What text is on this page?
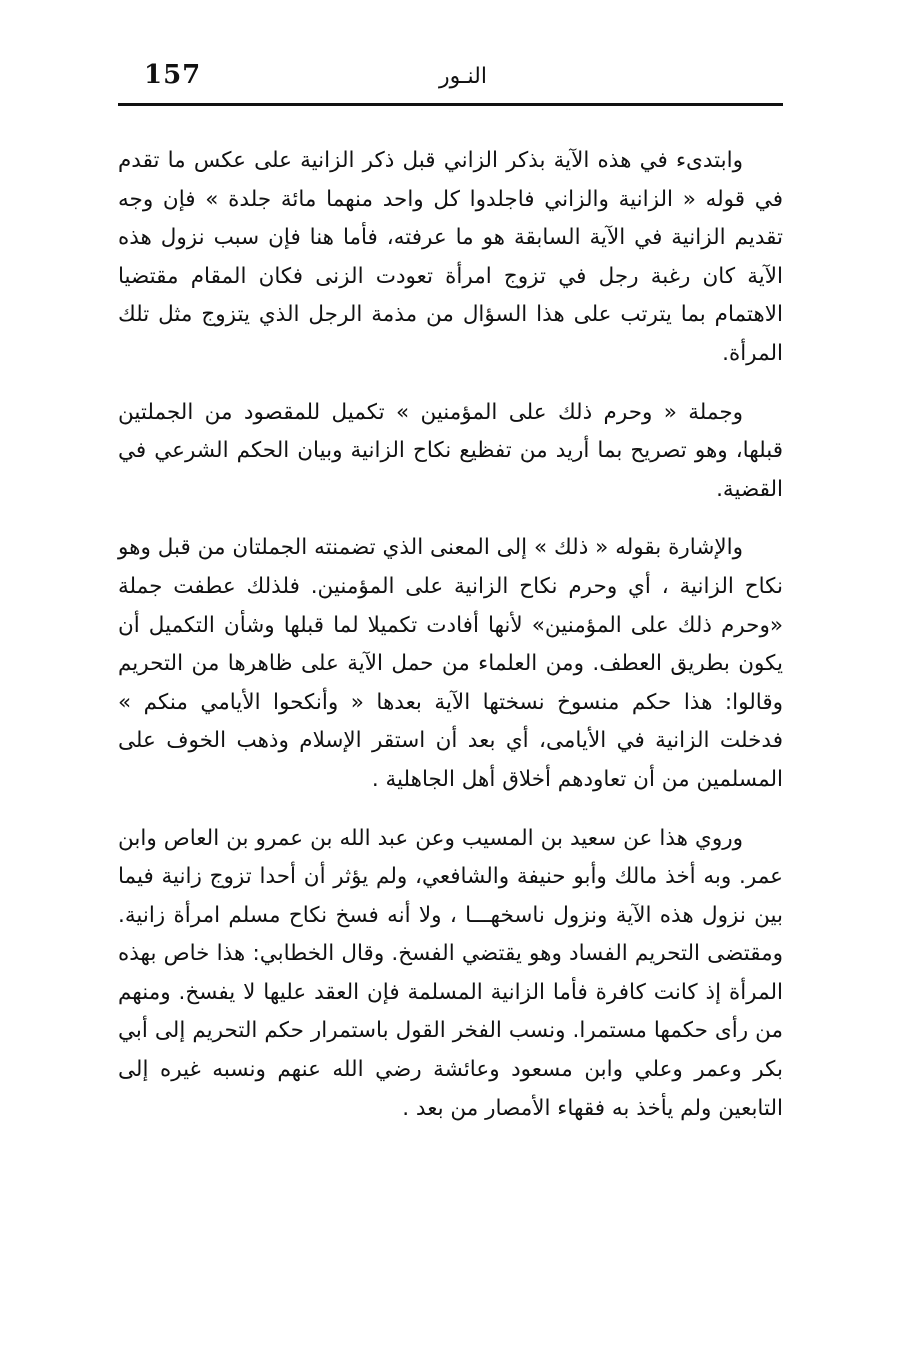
157	النـور

وابتدىء في هذه الآية بذكر الزاني قبل ذكر الزانية على عكس ما تقدم في قوله « الزانية والزاني فاجلدوا كل واحد منهما مائة جلدة » فإن وجه تقديم الزانية في الآية السابقة هو ما عرفته، فأما هنا فإن سبب نزول هذه الآية كان رغبة رجل في تزوج امرأة تعودت الزنى فكان المقام مقتضيا الاهتمام بما يترتب على هذا السؤال من مذمة الرجل الذي يتزوج مثل تلك المرأة.

وجملة « وحرم ذلك على المؤمنين » تكميل للمقصود من الجملتين قبلها، وهو تصريح بما أريد من تفظيع نكاح الزانية وبيان الحكم الشرعي في القضية.

والإشارة بقوله « ذلك » إلى المعنى الذي تضمنته الجملتان من قبل وهو نكاح الزانية ، أي وحرم نكاح الزانية على المؤمنين. فلذلك عطفت جملة «وحرم ذلك على المؤمنين» لأنها أفادت تكميلا لما قبلها وشأن التكميل أن يكون بطريق العطف. ومن العلماء من حمل الآية على ظاهرها من التحريم وقالوا: هذا حكم منسوخ نسختها الآية بعدها « وأنكحوا الأيامي منكم » فدخلت الزانية في الأيامى، أي بعد أن استقر الإسلام وذهب الخوف على المسلمين من أن تعاودهم أخلاق أهل الجاهلية .

وروي هذا عن سعيد بن المسيب وعن عبد الله بن عمرو بن العاص وابن عمر. وبه أخذ مالك وأبو حنيفة والشافعي، ولم يؤثر أن أحدا تزوج زانية فيما بين نزول هذه الآية ونزول ناسخهـــا ، ولا أنه فسخ نكاح مسلم امرأة زانية. ومقتضى التحريم الفساد وهو يقتضي الفسخ. وقال الخطابي: هذا خاص بهذه المرأة إذ كانت كافرة فأما الزانية المسلمة فإن العقد عليها لا يفسخ. ومنهم من رأى حكمها مستمرا. ونسب الفخر القول باستمرار حكم التحريم إلى أبي بكر وعمر وعلي وابن مسعود وعائشة رضي الله عنهم ونسبه غيره إلى التابعين ولم يأخذ به فقهاء الأمصار من بعد .
